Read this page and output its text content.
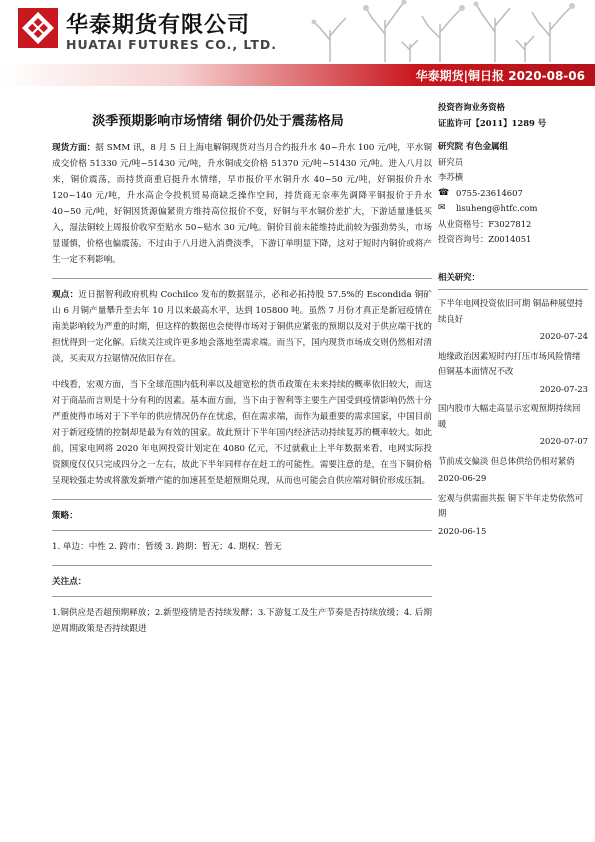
华泰期货有限公司
HUATAI FUTURES CO., LTD.
华泰期货|铜日报 2020-08-06
淡季预期影响市场情绪 铜价仍处于震荡格局

现货方面：据 SMM 讯，8 月 5 日上海电解铜现货对当月合约报升水 40~升水 100 元/吨，平水铜成交价格 51330 元/吨~51430 元/吨，升水铜成交价格 51370 元/吨~51430 元/吨。进入八月以来，铜价震荡，而持货商重启挺升水情绪，早市报价平水铜升水 40~50 元/吨，好铜报价升水 120~140 元/吨，升水高企令投机贸易商缺乏操作空间，持货商无奈率先调降平铜报价于升水 40~50 元/吨，好铜因货源偏紧贵方维持高位报价不变，好铜与平水铜价差扩大，下游适量逢低买入，湿法铜较上周报价收窄至贴水 50~贴水 30 元/吨。铜价目前未能维持此前较为强劲势头，市场显谨慎，价格也偏震荡。不过由于八月进入消费淡季，下游订单明显下降，这对于短时内铜价或将产生一定不利影响。

观点：近日据智利政府机构 Cochilco 发布的数据显示，必和必拓持股 57.5%的 Escondida 铜矿山 6 月铜产量攀升至去年 10 月以来最高水平，达到 105800 吨。虽然 7 月份才真正是新冠疫情在南美影响较为严重的时期，但这样的数据也会使得市场对于铜供应紧张的预期以及对于供应端干扰的担忧得到一定化解。后续关注或许更多地会落地至需求端。而当下，国内现货市场成交则仍然相对清淡，买卖双方拉锯情况依旧存在。

中线看，宏观方面，当下全球范围内低利率以及超宽松的货币政策在未来持续的概率依旧较大，而这对于商品而言则是十分有利的因素。基本面方面，当下由于智利等主要生产国受到疫情影响仍然十分严重使得市场对于下半年的供应情况仍存在忧虑，但在需求端，而作为最重要的需求国家，中国目前对于新冠疫情的控制却是最为有效的国家。故此预计下半年国内经济活动持续复苏的概率较大。如此前，国家电网将 2020 年电网投资计划定在 4080 亿元，不过就截止上半年数据来看，电网实际投资额度仅仅只完成四分之一左右，故此下半年同样存在赶工的可能性。需要注意的是，在当下铜价格呈现较强走势或将激发新增产能的加速甚至是超预期兑现，从而也可能会自供应端对铜价形成压制。

策略：
1. 单边：中性 2. 跨市：暂缓 3. 跨期：暂无；4. 期权：暂无
关注点：
1.铜供应是否超预期释放；2.新型疫情是否持续发酵；3.下游复工及生产节奏是否持续放缓；4. 后期逆周期政策是否持续跟进
投资咨询业务资格
证监许可【2011】1289 号
研究院 有色金属组
研究员
李苏横
☎ 0755-23614607
✉	lisuheng@htfc.com
从业资格号：F3027812
投资咨询号：Z0014051
相关研究：
下半年电网投资依旧可期 铜品种展望持续良好
2020-07-24
地缘政治因素短时内打压市场风险情绪 但铜基本面情况不改
2020-07-23
国内股市大幅走高显示宏观预期持续回暖
2020-07-07
节前成交偏淡 但总体供给仍相对紧俏
2020-06-29
宏观与供需面共振 铜下半年走势依然可期
2020-06-15
